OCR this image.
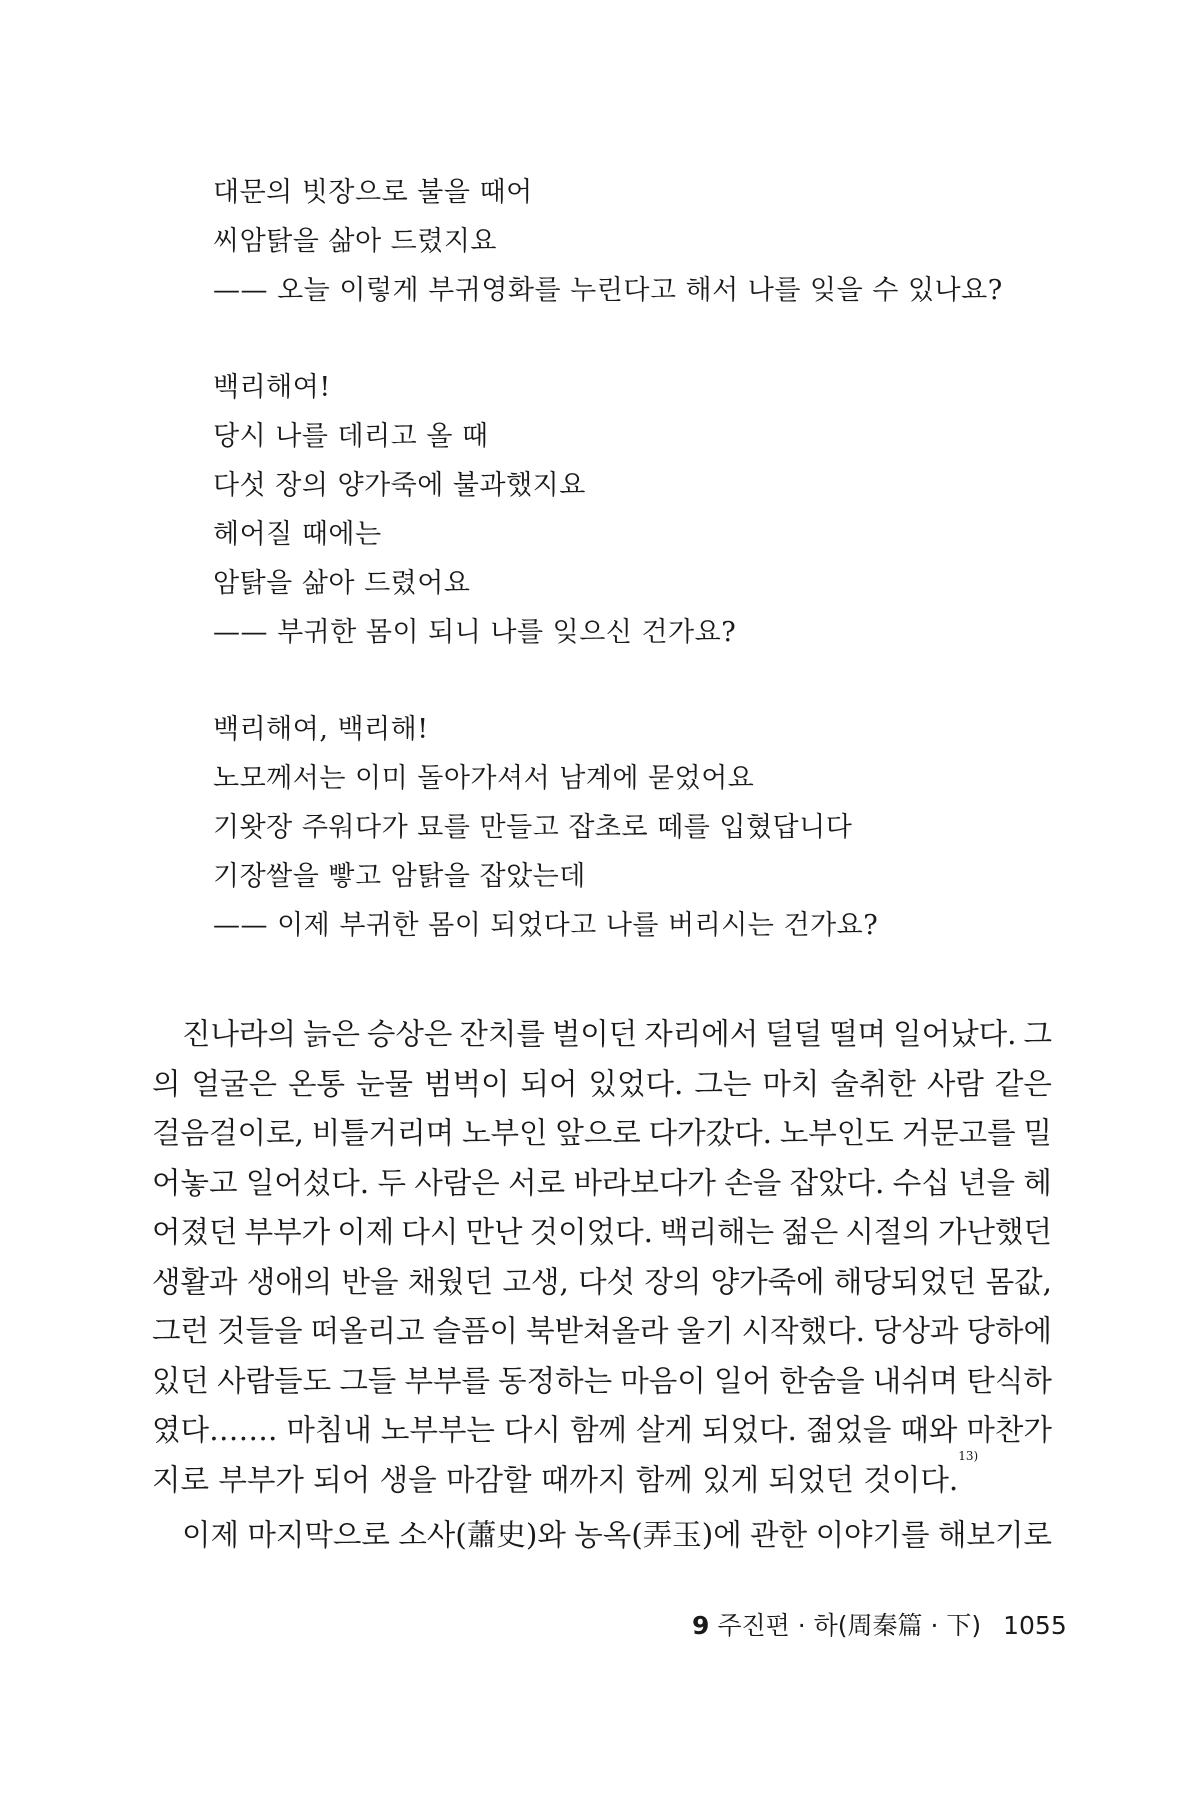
대문의 빗장으로 불을 때어
씨암탉을 삶아 드렸지요
—— 오늘 이렇게 부귀영화를 누린다고 해서 나를 잊을 수 있나요?
백리해여!
당시 나를 데리고 올 때
다섯 장의 양가죽에 불과했지요
헤어질 때에는
암탉을 삶아 드렸어요
—— 부귀한 몸이 되니 나를 잊으신 건가요?
백리해여, 백리해!
노모께서는 이미 돌아가셔서 남계에 묻었어요
기왓장 주워다가 묘를 만들고 잡초로 떼를 입혔답니다
기장쌀을 빻고 암탉을 잡았는데
—— 이제 부귀한 몸이 되었다고 나를 버리시는 건가요?
진나라의 늙은 승상은 잔치를 벌이던 자리에서 덜덜 떨며 일어났다. 그
의 얼굴은 온통 눈물 범벅이 되어 있었다. 그는 마치 술취한 사람 같은
걸음걸이로, 비틀거리며 노부인 앞으로 다가갔다. 노부인도 거문고를 밀
어놓고 일어섰다. 두 사람은 서로 바라보다가 손을 잡았다. 수십 년을 헤
어졌던 부부가 이제 다시 만난 것이었다. 백리해는 젊은 시절의 가난했던
생활과 생애의 반을 채웠던 고생, 다섯 장의 양가죽에 해당되었던 몸값,
그런 것들을 떠올리고 슬픔이 북받쳐올라 울기 시작했다. 당상과 당하에
있던 사람들도 그들 부부를 동정하는 마음이 일어 한숨을 내쉬며 탄식하
였다……. 마침내 노부부는 다시 함께 살게 되었다. 젊었을 때와 마찬가
지로 부부가 되어 생을 마감할 때까지 함께 있게 되었던 것이다.
13)
이제 마지막으로 소사(蕭史)와 농옥(弄玉)에 관한 이야기를 해보기로
9 주진편 · 하(周秦篇 · 下) 1055
